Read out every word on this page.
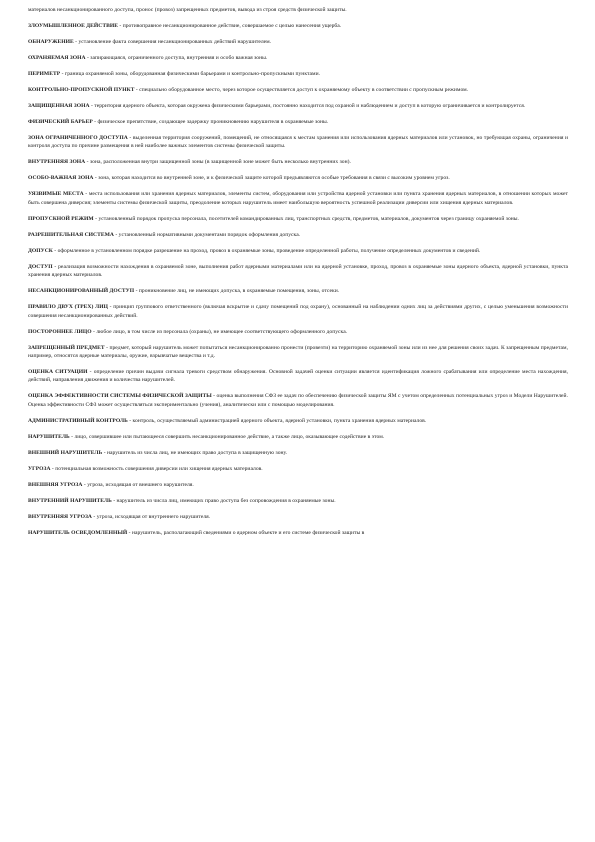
материалов несанкционированного доступа, пронос (провоз) запрещенных предметов, вывода из строя средств физической защиты.

ЗЛОУМЫШЛЕННОЕ ДЕЙСТВИЕ - противоправное несанкционированное действие, совершаемое с целью нанесения ущерба.

ОБНАРУЖЕНИЕ - установление факта совершения несанкционированных действий нарушителем.

ОХРАНЯЕМАЯ ЗОНА - запирающаяся, ограниченного доступа, внутренняя и особо важная зоны.

ПЕРИМЕТР - граница охраняемой зоны, оборудованная физическими барьерами и контрольно-пропускными пунктами.

КОНТРОЛЬНО-ПРОПУСКНОЙ ПУНКТ - специально оборудованное место, через которое осуществляется доступ к охраняемому объекту в соответствии с пропускным режимом.

ЗАЩИЩЕННАЯ ЗОНА - территория ядерного объекта, которая окружена физическими барьерами, постоянно находится под охраной и наблюдением и доступ в которую ограничивается и контролируется.

ФИЗИЧЕСКИЙ БАРЬЕР - физическое препятствие, создающее задержку проникновению нарушителя в охраняемые зоны.

ЗОНА ОГРАНИЧЕННОГО ДОСТУПА - выделенная территория сооружений, помещений, не относящаяся к местам хранения или использования ядерных материалов или установок, но требующая охраны, ограничения и контроля доступа по причине размещения в ней наиболее важных элементов системы физической защиты.

ВНУТРЕННЯЯ ЗОНА - зона, расположенная внутри защищенной зоны (в защищенной зоне может быть несколько внутренних зон).

ОСОБО-ВАЖНАЯ ЗОНА - зона, которая находится во внутренней зоне, и к физической защите которой предъявляются особые требования в связи с высоким уровнем угроз.

УЯЗВИМЫЕ МЕСТА - места использования или хранения ядерных материалов, элементы систем, оборудования или устройства ядерной установки или пункта хранения ядерных материалов, в отношении которых может быть совершена диверсия; элементы системы физической защиты, преодоление которых нарушитель имеет наибольшую вероятность успешной реализации диверсии или хищения ядерных материалов.

ПРОПУСКНОЙ РЕЖИМ - установленный порядок пропуска персонала, посетителей командированных лиц, транспортных средств, предметов, материалов, документов через границу охраняемой зоны.

РАЗРЕШИТЕЛЬНАЯ СИСТЕМА - установленный нормативными документами порядок оформления допуска.

ДОПУСК - оформленное в установленном порядке разрешение на проход, провоз в охраняемые зоны, проведение определенной работы, получение определенных документов и сведений.

ДОСТУП - реализация возможности нахождения в охраняемой зоне, выполнения работ ядерными материалами или на ядерной установке, проход, провоз в охраняемые зоны ядерного объекта, ядерной установки, пункта хранения ядерных материалов.

НЕСАНКЦИОНИРОВАННЫЙ ДОСТУП - проникновение лиц, не имеющих допуска, в охраняемые помещения, зоны, отсеки.

ПРАВИЛО ДВУХ (ТРЕХ) ЛИЦ - принцип группового ответственного (включая вскрытие и сдачу помещений под охрану), основанный на наблюдении одних лиц за действиями других, с целью уменьшения возможности совершения несанкционированных действий.

ПОСТОРОННЕЕ ЛИЦО - любое лицо, в том числе из персонала (охраны), не имеющее соответствующего оформленного допуска.

ЗАПРЕЩЕННЫЙ ПРЕДМЕТ - предмет, который нарушитель может попытаться несанкционированно пронести (провезти) на территорию охраняемой зоны или из нее для решения своих задач. К запрещенным предметам, например, относятся ядерные материалы, оружие, взрывчатые вещества и т.д.

ОЦЕНКА СИТУАЦИИ - определение причин выдачи сигнала тревоги средством обнаружения. Основной задачей оценки ситуации является идентификация ложного срабатывания или определение места нахождения, действий, направления движения и количества нарушителей.

ОЦЕНКА ЭФФЕКТИВНОСТИ СИСТЕМЫ ФИЗИЧЕСКОЙ ЗАЩИТЫ - оценка выполнения СФЗ ее задач по обеспечению физической защиты ЯМ с учетом определенных потенциальных угроз и Модели Нарушителей. Оценка эффективности СФЗ может осуществляться экспериментально (учения), аналитически или с помощью моделирования.

АДМИНИСТРАТИВНЫЙ КОНТРОЛЬ - контроль, осуществляемый администрацией ядерного объекта, ядерной установки, пункта хранения ядерных материалов.

НАРУШИТЕЛЬ - лицо, совершившее или пытающееся совершить несанкционированное действие, а также лицо, оказывающее содействие в этом.

ВНЕШНИЙ НАРУШИТЕЛЬ - нарушитель из числа лиц, не имеющих право доступа в защищенную зону.

УГРОЗА - потенциальная возможность совершения диверсии или хищения ядерных материалов.

ВНЕШНЯЯ УГРОЗА - угроза, исходящая от внешнего нарушителя.

ВНУТРЕННИЙ НАРУШИТЕЛЬ - нарушитель из числа лиц, имеющих право доступа без сопровождения в охраняемые зоны.

ВНУТРЕННЯЯ УГРОЗА - угроза, исходящая от внутреннего нарушителя.

НАРУШИТЕЛЬ ОСВЕДОМЛЕННЫЙ - нарушитель, располагающий сведениями о ядерном объекте и его системе физической защиты в
